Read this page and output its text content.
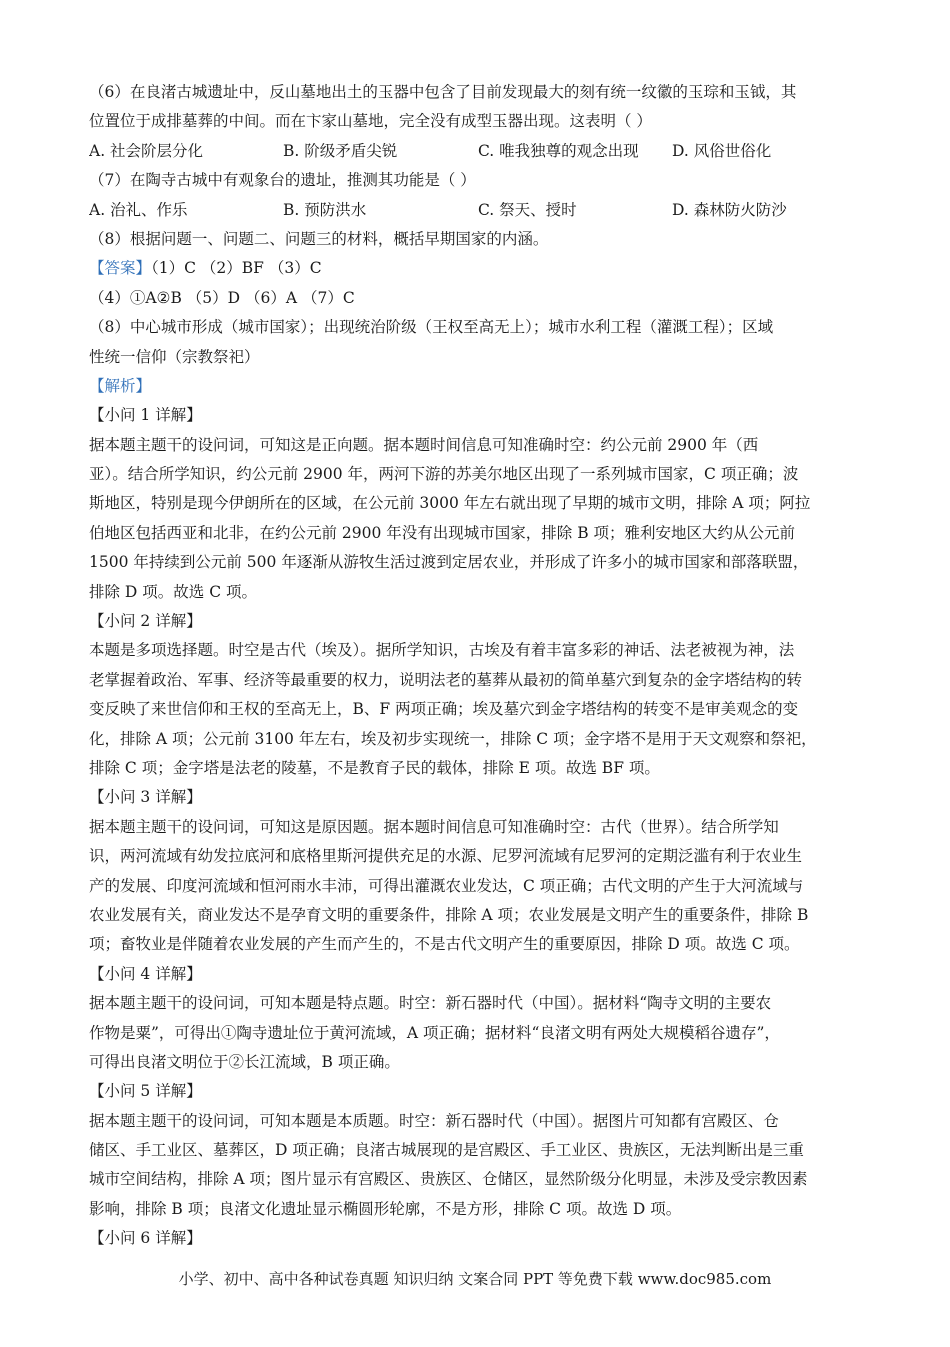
（6）在良渚古城遗址中，反山墓地出土的玉器中包含了目前发现最大的刻有统一纹徽的玉琮和玉钺，其
位置位于成排墓葬的中间。而在卞家山墓地，完全没有成型玉器出现。这表明（ ）
A. 社会阶层分化	B. 阶级矛盾尖锐	C. 唯我独尊的观念出现	D. 风俗世俗化
（7）在陶寺古城中有观象台的遗址，推测其功能是（ ）
A. 治礼、作乐	B. 预防洪水	C. 祭天、授时	D. 森林防火防沙
（8）根据问题一、问题二、问题三的材料，概括早期国家的内涵。
【答案】（1）C （2）BF （3）C
（4）①A②B （5）D （6）A （7）C
（8）中心城市形成（城市国家）；出现统治阶级（王权至高无上）；城市水利工程（灌溉工程）；区域
性统一信仰（宗教祭祀）
【解析】
【小问 1 详解】
据本题主题干的设问词，可知这是正向题。据本题时间信息可知准确时空：约公元前 2900 年（西
亚）。结合所学知识，约公元前 2900 年，两河下游的苏美尔地区出现了一系列城市国家，C 项正确；波
斯地区，特别是现今伊朗所在的区域，在公元前 3000 年左右就出现了早期的城市文明，排除 A 项；阿拉
伯地区包括西亚和北非，在约公元前 2900 年没有出现城市国家，排除 B 项；雅利安地区大约从公元前
1500 年持续到公元前 500 年逐渐从游牧生活过渡到定居农业，并形成了许多小的城市国家和部落联盟，
排除 D 项。故选 C 项。
【小问 2 详解】
本题是多项选择题。时空是古代（埃及）。据所学知识，古埃及有着丰富多彩的神话、法老被视为神，法
老掌握着政治、军事、经济等最重要的权力，说明法老的墓葬从最初的简单墓穴到复杂的金字塔结构的转
变反映了来世信仰和王权的至高无上，B、F 两项正确；埃及墓穴到金字塔结构的转变不是审美观念的变
化，排除 A 项；公元前 3100 年左右，埃及初步实现统一，排除 C 项；金字塔不是用于天文观察和祭祀，
排除 C 项；金字塔是法老的陵墓，不是教育子民的载体，排除 E 项。故选 BF 项。
【小问 3 详解】
据本题主题干的设问词，可知这是原因题。据本题时间信息可知准确时空：古代（世界）。结合所学知
识，两河流域有幼发拉底河和底格里斯河提供充足的水源、尼罗河流域有尼罗河的定期泛滥有利于农业生
产的发展、印度河流域和恒河雨水丰沛，可得出灌溉农业发达，C 项正确；古代文明的产生于大河流域与
农业发展有关，商业发达不是孕育文明的重要条件，排除 A 项；农业发展是文明产生的重要条件，排除 B
项；畜牧业是伴随着农业发展的产生而产生的，不是古代文明产生的重要原因，排除 D 项。故选 C 项。
【小问 4 详解】
据本题主题干的设问词，可知本题是特点题。时空：新石器时代（中国）。据材料“陶寺文明的主要农
作物是粟”，可得出①陶寺遗址位于黄河流域，A 项正确；据材料“良渚文明有两处大规模稻谷遗存”，
可得出良渚文明位于②长江流域，B 项正确。
【小问 5 详解】
据本题主题干的设问词，可知本题是本质题。时空：新石器时代（中国）。据图片可知都有宫殿区、仓
储区、手工业区、墓葬区，D 项正确；良渚古城展现的是宫殿区、手工业区、贵族区，无法判断出是三重
城市空间结构，排除 A 项；图片显示有宫殿区、贵族区、仓储区，显然阶级分化明显，未涉及受宗教因素
影响，排除 B 项；良渚文化遗址显示椭圆形轮廓，不是方形，排除 C 项。故选 D 项。
【小问 6 详解】
小学、初中、高中各种试卷真题 知识归纳 文案合同 PPT 等免费下载 www.doc985.com
